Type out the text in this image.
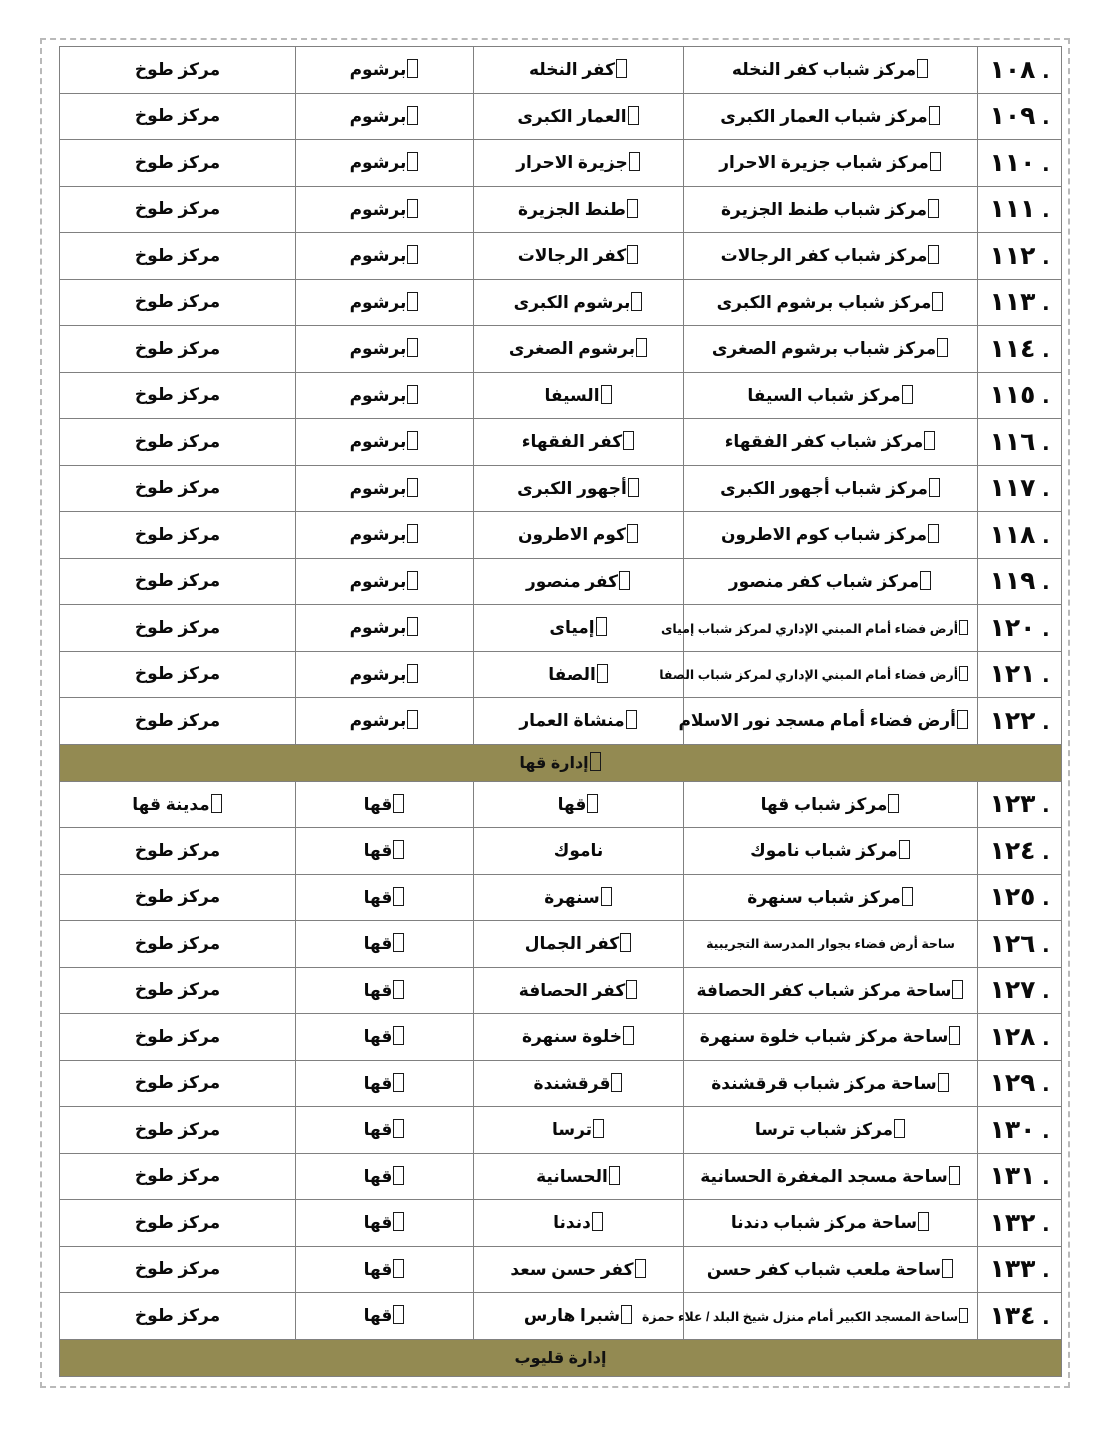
١٠٨ .	مركز شباب كفر النخله	كفر النخله	برشوم	مركز طوخ
١٠٩ .	مركز شباب العمار الكبرى	العمار الكبرى	برشوم	مركز طوخ
١١٠ .	مركز شباب جزيرة الاحرار	جزيرة الاحرار	برشوم	مركز طوخ
١١١ .	مركز شباب طنط الجزيرة	طنط الجزيرة	برشوم	مركز طوخ
١١٢ .	مركز شباب كفر الرجالات	كفر الرجالات	برشوم	مركز طوخ
١١٣ .	مركز شباب برشوم الكبرى	برشوم الكبرى	برشوم	مركز طوخ
١١٤ .	مركز شباب برشوم الصغرى	برشوم الصغرى	برشوم	مركز طوخ
١١٥ .	مركز شباب السيفا	السيفا	برشوم	مركز طوخ
١١٦ .	مركز شباب كفر الفقهاء	كفر الفقهاء	برشوم	مركز طوخ
١١٧ .	مركز شباب أجهور الكبرى	أجهور الكبرى	برشوم	مركز طوخ
١١٨ .	مركز شباب كوم الاطرون	كوم الاطرون	برشوم	مركز طوخ
١١٩ .	مركز شباب كفر منصور	كفر منصور	برشوم	مركز طوخ
١٢٠ .	أرض فضاء أمام المبني الإداري لمركز شباب إمياى	إمياى	برشوم	مركز طوخ
١٢١ .	أرض فضاء أمام المبني الإداري لمركز شباب الصفا	الصفا	برشوم	مركز طوخ
١٢٢ .	أرض فضاء أمام مسجد نور الاسلام	منشاة العمار	برشوم	مركز طوخ
إدارة قها				
١٢٣ .	مركز شباب قها	قها	قها	مدينة قها
١٢٤ .	مركز شباب ناموك	ناموك	قها	مركز طوخ
١٢٥ .	مركز شباب سنهرة	سنهرة	قها	مركز طوخ
١٢٦ .	ساحة أرض فضاء بجوار المدرسة التجريبية	كفر الجمال	قها	مركز طوخ
١٢٧ .	ساحة مركز شباب كفر الحصافة	كفر الحصافة	قها	مركز طوخ
١٢٨ .	ساحة مركز شباب خلوة سنهرة	خلوة سنهرة	قها	مركز طوخ
١٢٩ .	ساحة مركز شباب قرقشندة	قرقشندة	قها	مركز طوخ
١٣٠ .	مركز شباب ترسا	ترسا	قها	مركز طوخ
١٣١ .	ساحة مسجد المغفرة الحسانية	الحسانية	قها	مركز طوخ
١٣٢ .	ساحة مركز شباب دندنا	دندنا	قها	مركز طوخ
١٣٣ .	ساحة ملعب شباب كفر حسن	كفر حسن سعد	قها	مركز طوخ
١٣٤ .	ساحة المسجد الكبير أمام منزل شيخ البلد / علاء حمزة	شبرا هارس	قها	مركز طوخ
إدارة قليوب				
